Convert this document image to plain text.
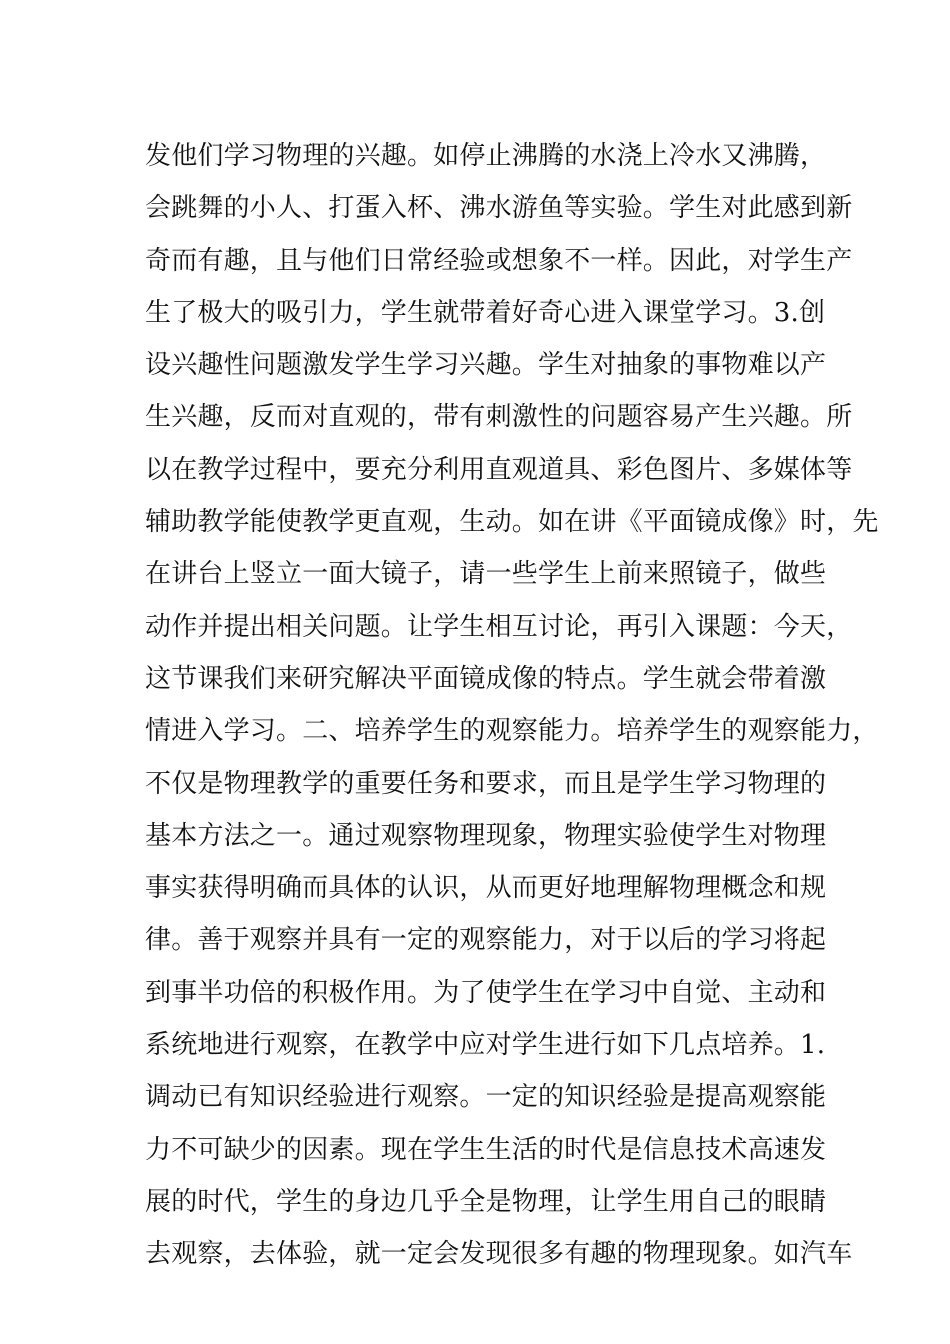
发他们学习物理的兴趣。如停止沸腾的水浇上冷水又沸腾，
会跳舞的小人、打蛋入杯、沸水游鱼等实验。学生对此感到新
奇而有趣，且与他们日常经验或想象不一样。因此，对学生产
生了极大的吸引力，学生就带着好奇心进入课堂学习。3.创
设兴趣性问题激发学生学习兴趣。学生对抽象的事物难以产
生兴趣，反而对直观的，带有刺激性的问题容易产生兴趣。所
以在教学过程中，要充分利用直观道具、彩色图片、多媒体等
辅助教学能使教学更直观，生动。如在讲《平面镜成像》时，先
在讲台上竖立一面大镜子，请一些学生上前来照镜子，做些
动作并提出相关问题。让学生相互讨论，再引入课题：今天，
这节课我们来研究解决平面镜成像的特点。学生就会带着激
情进入学习。二、培养学生的观察能力。培养学生的观察能力，
不仅是物理教学的重要任务和要求，而且是学生学习物理的
基本方法之一。通过观察物理现象，物理实验使学生对物理
事实获得明确而具体的认识，从而更好地理解物理概念和规
律。善于观察并具有一定的观察能力，对于以后的学习将起
到事半功倍的积极作用。为了使学生在学习中自觉、主动和
系统地进行观察，在教学中应对学生进行如下几点培养。1.
调动已有知识经验进行观察。一定的知识经验是提高观察能
力不可缺少的因素。现在学生生活的时代是信息技术高速发
展的时代，学生的身边几乎全是物理，让学生用自己的眼睛
去观察，去体验，就一定会发现很多有趣的物理现象。如汽车
